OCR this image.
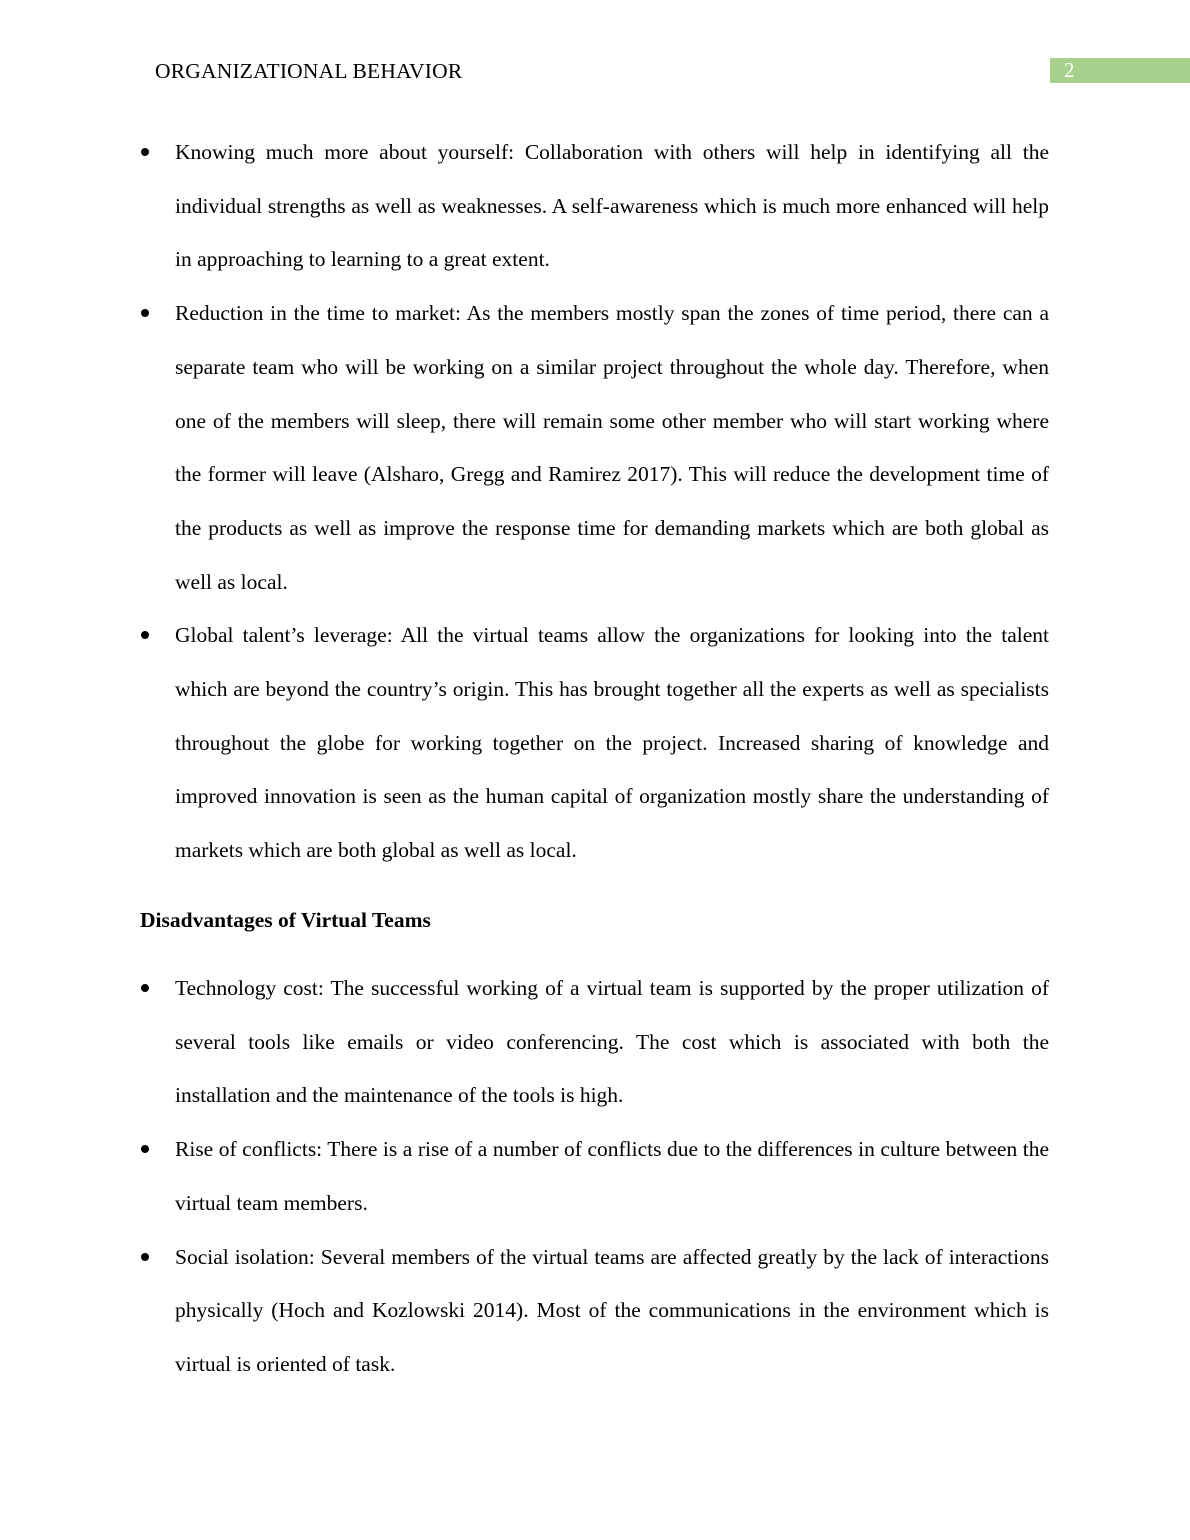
ORGANIZATIONAL BEHAVIOR	2

Knowing much more about yourself: Collaboration with others will help in identifying all the individual strengths as well as weaknesses. A self-awareness which is much more enhanced will help in approaching to learning to a great extent.

Reduction in the time to market: As the members mostly span the zones of time period, there can a separate team who will be working on a similar project throughout the whole day. Therefore, when one of the members will sleep, there will remain some other member who will start working where the former will leave (Alsharo, Gregg and Ramirez 2017). This will reduce the development time of the products as well as improve the response time for demanding markets which are both global as well as local.

Global talent’s leverage: All the virtual teams allow the organizations for looking into the talent which are beyond the country’s origin. This has brought together all the experts as well as specialists throughout the globe for working together on the project. Increased sharing of knowledge and improved innovation is seen as the human capital of organization mostly share the understanding of markets which are both global as well as local.

Disadvantages of Virtual Teams

Technology cost: The successful working of a virtual team is supported by the proper utilization of several tools like emails or video conferencing. The cost which is associated with both the installation and the maintenance of the tools is high.

Rise of conflicts: There is a rise of a number of conflicts due to the differences in culture between the virtual team members.

Social isolation: Several members of the virtual teams are affected greatly by the lack of interactions physically (Hoch and Kozlowski 2014). Most of the communications in the environment which is virtual is oriented of task.
